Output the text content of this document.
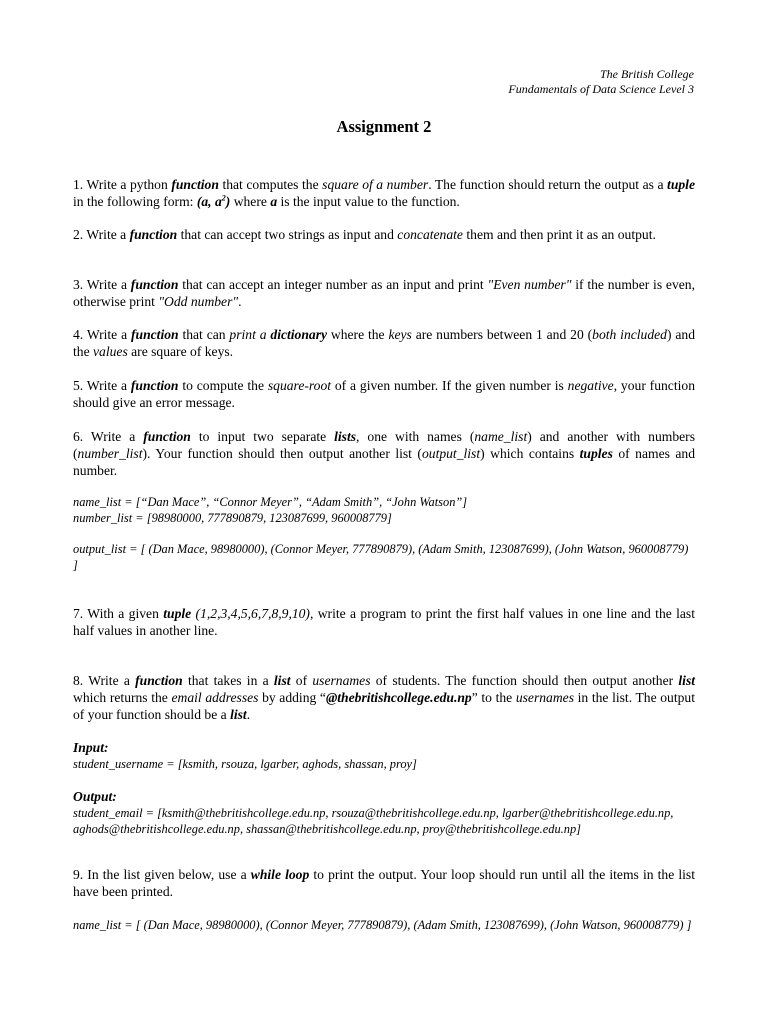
The British College
Fundamentals of Data Science Level 3
Assignment 2

1. Write a python function that computes the square of a number. The function should return the output as a tuple in the following form: (a, $a^2$) where a is the input value to the function.

2. Write a function that can accept two strings as input and concatenate them and then print it as an output.

3. Write a function that can accept an integer number as an input and print "Even number" if the number is even, otherwise print "Odd number".

4. Write a function that can print a dictionary where the keys are numbers between 1 and 20 (both included) and the values are square of keys.

5. Write a function to compute the square-root of a given number. If the given number is negative, your function should give an error message.

6. Write a function to input two separate lists, one with names (name_list) and another with numbers (number_list). Your function should then output another list (output_list) which contains tuples of names and number.

name_list = [“Dan Mace”, “Connor Meyer”, “Adam Smith”, “John Watson”]
number_list = [98980000, 777890879, 123087699, 960008779]
output_list = [ (Dan Mace, 98980000), (Connor Meyer, 777890879), (Adam Smith, 123087699), (John Watson, 960008779) ]

7. With a given tuple (1,2,3,4,5,6,7,8,9,10), write a program to print the first half values in one line and the last half values in another line.

8. Write a function that takes in a list of usernames of students. The function should then output another list which returns the email addresses by adding “@thebritishcollege.edu.np” to the usernames in the list. The output of your function should be a list.

Input:
student_username = [ksmith, rsouza, lgarber, aghods, shassan, proy]
Output:
student_email = [ksmith@thebritishcollege.edu.np, rsouza@thebritishcollege.edu.np, lgarber@thebritishcollege.edu.np, aghods@thebritishcollege.edu.np, shassan@thebritishcollege.edu.np, proy@thebritishcollege.edu.np]

9. In the list given below, use a while loop to print the output. Your loop should run until all the items in the list have been printed.

name_list = [ (Dan Mace, 98980000), (Connor Meyer, 777890879), (Adam Smith, 123087699), (John Watson, 960008779) ]
